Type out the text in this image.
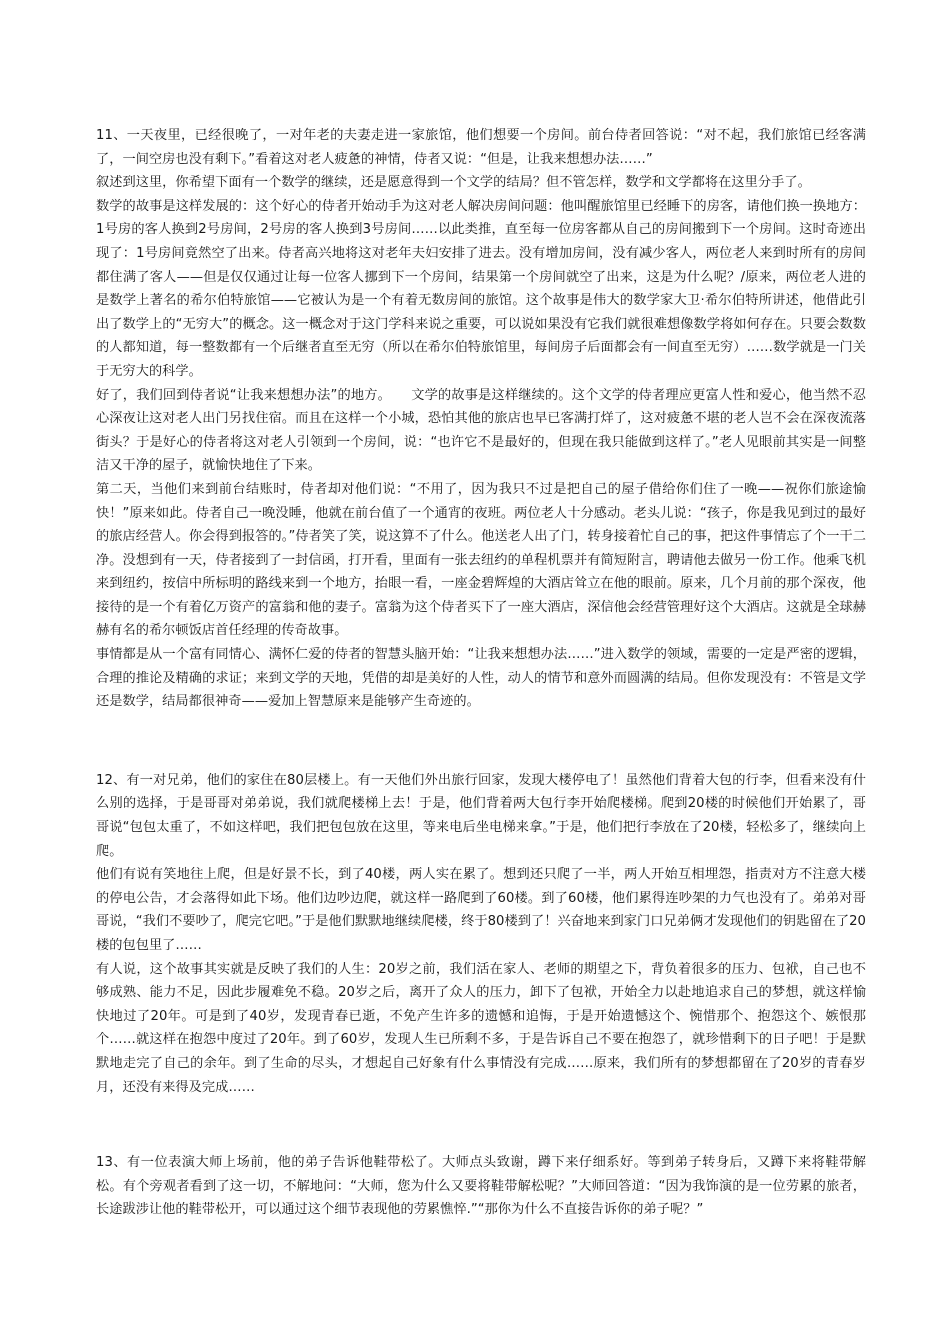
11、一天夜里，已经很晚了，一对年老的夫妻走进一家旅馆，他们想要一个房间。前台侍者回答说：“对不起，我们旅馆已经客满了，一间空房也没有剩下。”看着这对老人疲惫的神情，侍者又说：“但是，让我来想想办法……”

叙述到这里，你希望下面有一个数学的继续，还是愿意得到一个文学的结局？但不管怎样，数学和文学都将在这里分手了。

数学的故事是这样发展的：这个好心的侍者开始动手为这对老人解决房间问题：他叫醒旅馆里已经睡下的房客，请他们换一换地方：1号房的客人换到2号房间，2号房的客人换到3号房间……以此类推，直至每一位房客都从自己的房间搬到下一个房间。这时奇迹出现了：1号房间竟然空了出来。侍者高兴地将这对老年夫妇安排了进去。没有增加房间，没有减少客人，两位老人来到时所有的房间都住满了客人——但是仅仅通过让每一位客人挪到下一个房间，结果第一个房间就空了出来，这是为什么呢？/原来，两位老人进的是数学上著名的希尔伯特旅馆——它被认为是一个有着无数房间的旅馆。这个故事是伟大的数学家大卫·希尔伯特所讲述，他借此引出了数学上的“无穷大”的概念。这一概念对于这门学科来说之重要，可以说如果没有它我们就很难想像数学将如何存在。只要会数数的人都知道，每一整数都有一个后继者直至无穷（所以在希尔伯特旅馆里，每间房子后面都会有一间直至无穷）……数学就是一门关于无穷大的科学。

好了，我们回到侍者说“让我来想想办法”的地方。　　文学的故事是这样继续的。这个文学的侍者理应更富人性和爱心，他当然不忍心深夜让这对老人出门另找住宿。而且在这样一个小城，恐怕其他的旅店也早已客满打烊了，这对疲惫不堪的老人岂不会在深夜流落街头？于是好心的侍者将这对老人引领到一个房间，说：“也许它不是最好的，但现在我只能做到这样了。”老人见眼前其实是一间整洁又干净的屋子，就愉快地住了下来。

第二天，当他们来到前台结账时，侍者却对他们说：“不用了，因为我只不过是把自己的屋子借给你们住了一晚——祝你们旅途愉快！”原来如此。侍者自己一晚没睡，他就在前台值了一个通宵的夜班。两位老人十分感动。老头儿说：“孩子，你是我见到过的最好的旅店经营人。你会得到报答的。”侍者笑了笑，说这算不了什么。他送老人出了门，转身接着忙自己的事，把这件事情忘了个一干二净。没想到有一天，侍者接到了一封信函，打开看，里面有一张去纽约的单程机票并有简短附言，聘请他去做另一份工作。他乘飞机来到纽约，按信中所标明的路线来到一个地方，抬眼一看，一座金碧辉煌的大酒店耸立在他的眼前。原来，几个月前的那个深夜，他接待的是一个有着亿万资产的富翁和他的妻子。富翁为这个侍者买下了一座大酒店，深信他会经营管理好这个大酒店。这就是全球赫赫有名的希尔顿饭店首任经理的传奇故事。

事情都是从一个富有同情心、满怀仁爱的侍者的智慧头脑开始：“让我来想想办法……”进入数学的领域，需要的一定是严密的逻辑，合理的推论及精确的求证；来到文学的天地，凭借的却是美好的人性，动人的情节和意外而圆满的结局。但你发现没有：不管是文学还是数学，结局都很神奇——爱加上智慧原来是能够产生奇迹的。

12、有一对兄弟，他们的家住在80层楼上。有一天他们外出旅行回家，发现大楼停电了！虽然他们背着大包的行李，但看来没有什么别的选择，于是哥哥对弟弟说，我们就爬楼梯上去！于是，他们背着两大包行李开始爬楼梯。爬到20楼的时候他们开始累了，哥哥说“包包太重了，不如这样吧，我们把包包放在这里，等来电后坐电梯来拿。”于是，他们把行李放在了20楼，轻松多了，继续向上爬。

他们有说有笑地往上爬，但是好景不长，到了40楼，两人实在累了。想到还只爬了一半，两人开始互相埋怨，指责对方不注意大楼的停电公告，才会落得如此下场。他们边吵边爬，就这样一路爬到了60楼。到了60楼，他们累得连吵架的力气也没有了。弟弟对哥哥说，“我们不要吵了，爬完它吧。”于是他们默默地继续爬楼，终于80楼到了！兴奋地来到家门口兄弟俩才发现他们的钥匙留在了20楼的包包里了……

有人说，这个故事其实就是反映了我们的人生：20岁之前，我们活在家人、老师的期望之下，背负着很多的压力、包袱，自己也不够成熟、能力不足，因此步履难免不稳。20岁之后，离开了众人的压力，卸下了包袱，开始全力以赴地追求自己的梦想，就这样愉快地过了20年。可是到了40岁，发现青春已逝，不免产生许多的遗憾和追悔，于是开始遗憾这个、惋惜那个、抱怨这个、嫉恨那个……就这样在抱怨中度过了20年。到了60岁，发现人生已所剩不多，于是告诉自己不要在抱怨了，就珍惜剩下的日子吧！于是默默地走完了自己的余年。到了生命的尽头，才想起自己好象有什么事情没有完成……原来，我们所有的梦想都留在了20岁的青春岁月，还没有来得及完成……

13、有一位表演大师上场前，他的弟子告诉他鞋带松了。大师点头致谢，蹲下来仔细系好。等到弟子转身后，又蹲下来将鞋带解松。有个旁观者看到了这一切，不解地问：“大师，您为什么又要将鞋带解松呢？”大师回答道：“因为我饰演的是一位劳累的旅者，长途跋涉让他的鞋带松开，可以通过这个细节表现他的劳累憔悴.”“那你为什么不直接告诉你的弟子呢？”
